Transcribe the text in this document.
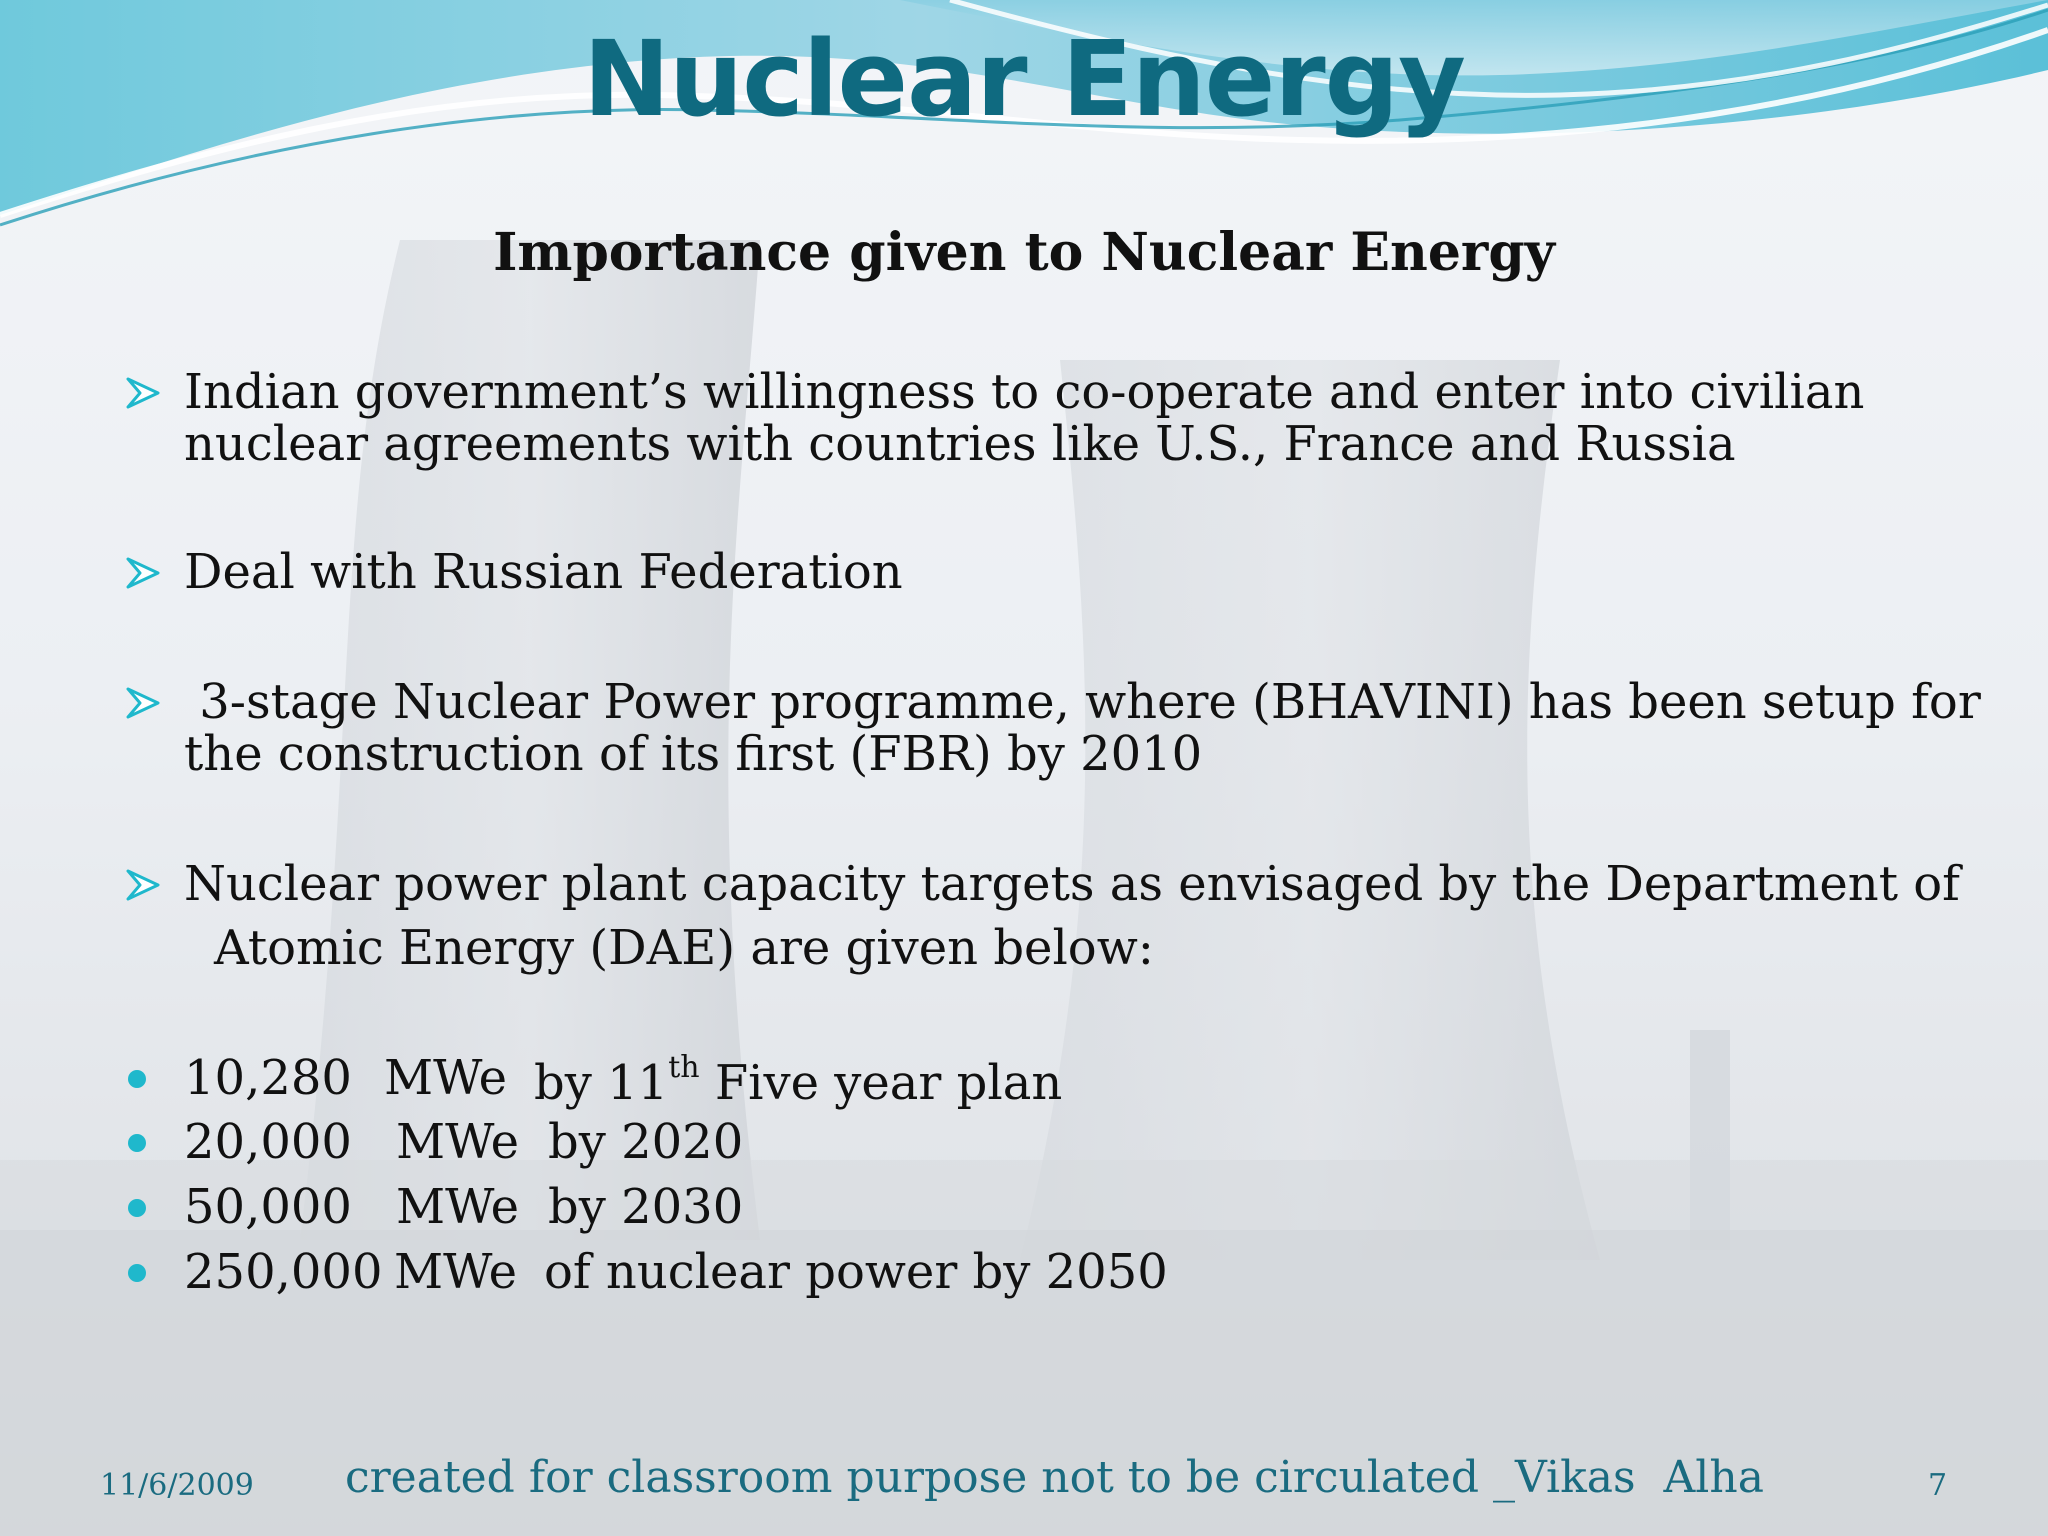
Nuclear Energy
Importance given to Nuclear Energy
Indian government’s willingness to co-operate and enter into civilian
nuclear agreements with countries like U.S., France and Russia
Deal with Russian Federation
3-stage Nuclear Power programme, where (BHAVINI) has been setup for
the construction of its first (FBR) by 2010
Nuclear power plant capacity targets as envisaged by the Department of
Atomic Energy (DAE) are given below:
10,280 MWe by 11th Five year plan
20,000 MWe by 2020
50,000 MWe by 2030
250,000 MWe of nuclear power by 2050
11/6/2009 created for classroom purpose not to be circulated _Vikas  Alha	7
